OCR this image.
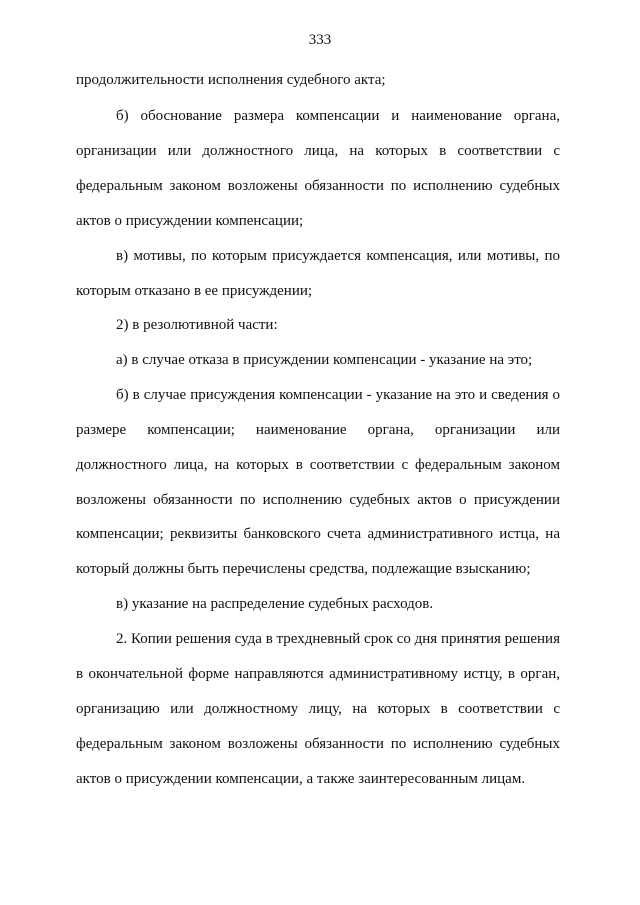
333
продолжительности исполнения судебного акта;
б) обоснование размера компенсации и наименование органа,
организации или должностного лица, на которых в соответствии с
федеральным законом возложены обязанности по исполнению судебных
актов о присуждении компенсации;
в) мотивы, по которым присуждается компенсация, или мотивы, по
которым отказано в ее присуждении;
2) в резолютивной части:
а) в случае отказа в присуждении компенсации - указание на это;
б) в случае присуждения компенсации - указание на это и сведения о
размере компенсации; наименование органа, организации или
должностного лица, на которых в соответствии с федеральным законом
возложены обязанности по исполнению судебных актов о присуждении
компенсации; реквизиты банковского счета административного истца, на
который должны быть перечислены средства, подлежащие взысканию;
в) указание на распределение судебных расходов.
2. Копии решения суда в трехдневный срок со дня принятия решения
в окончательной форме направляются административному истцу, в орган,
организацию или должностному лицу, на которых в соответствии с
федеральным законом возложены обязанности по исполнению судебных
актов о присуждении компенсации, а также заинтересованным лицам.
